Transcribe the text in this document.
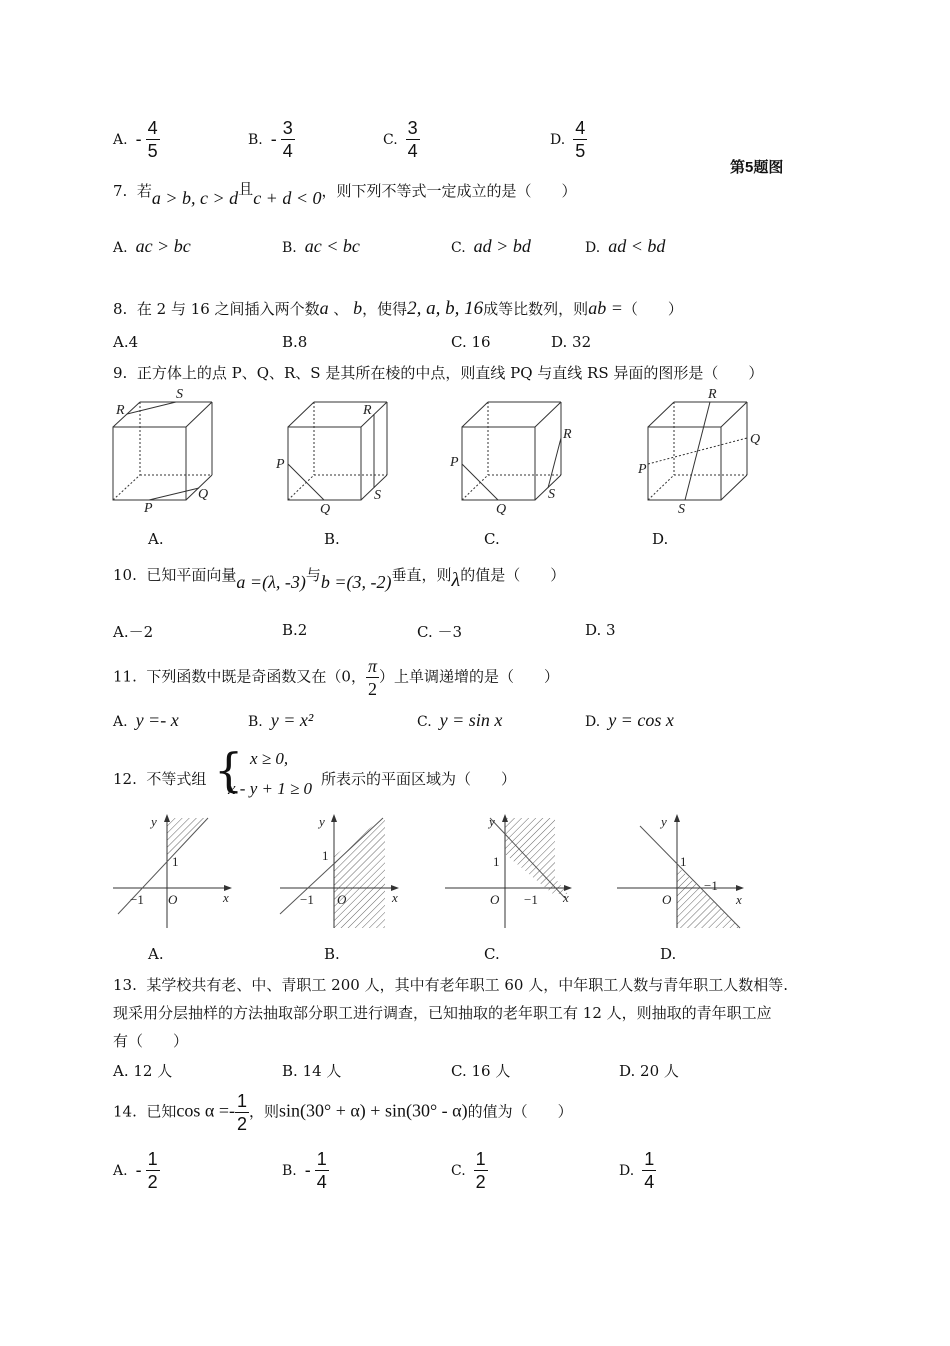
A. - $\frac{4}{5}$	B. - $\frac{3}{4}$	C. $\frac{3}{4}$	D. $\frac{4}{5}$
第5题图
7. 若a > b, c > d且c + d < 0，则下列不等式一定成立的是（　　）
A. ac > bc	B. ac < bc	C. ad > bd	D. ad < bd
8. 在 2 与 16 之间插入两个数a 、 b，使得2, a, b, 16成等比数列，则ab =（　　）
A.4	B.8	C. 16	D. 32
9. 正方体上的点 P、Q、R、S 是其所在棱的中点，则直线 PQ 与直线 RS 异面的图形是（　　）
R
S
P
Q
R
P
Q
S
R
P
Q
S
R
Q
P
S
A.	B.	C.	D.
10. 已知平面向量a =(λ, -3)与b =(3, -2)垂直，则λ的值是（　　）
A.－2	B.2	C. －3	D. 3
11. 下列函数中既是奇函数又在（0， $\frac{\pi}{2}$ ）上单调递增的是（　　）
A. y =- x	B. y = x²	C. y = sin x	D. y = cos x
12. 不等式组 { x ≥ 0,
x - y + 1 ≥ 0 所表示的平面区域为（　　）
y
x
O
1
−1
y
x
O
1
−1
y
x
O
1
−1
y
x
O
1
−1
A.	B.	C.	D.
13. 某学校共有老、中、青职工 200 人，其中有老年职工 60 人，中年职工人数与青年职工人数相等.
现采用分层抽样的方法抽取部分职工进行调查，已知抽取的老年职工有 12 人，则抽取的青年职工应
有（　　）
A. 12 人	B. 14 人	C. 16 人	D. 20 人
14. 已知$\cos \alpha =- \frac{1}{2}$ ，则sin(30° + α) + sin(30° - α)的值为（　　）
A. - $\frac{1}{2}$	B. - $\frac{1}{4}$	C. $\frac{1}{2}$	D. $\frac{1}{4}$
